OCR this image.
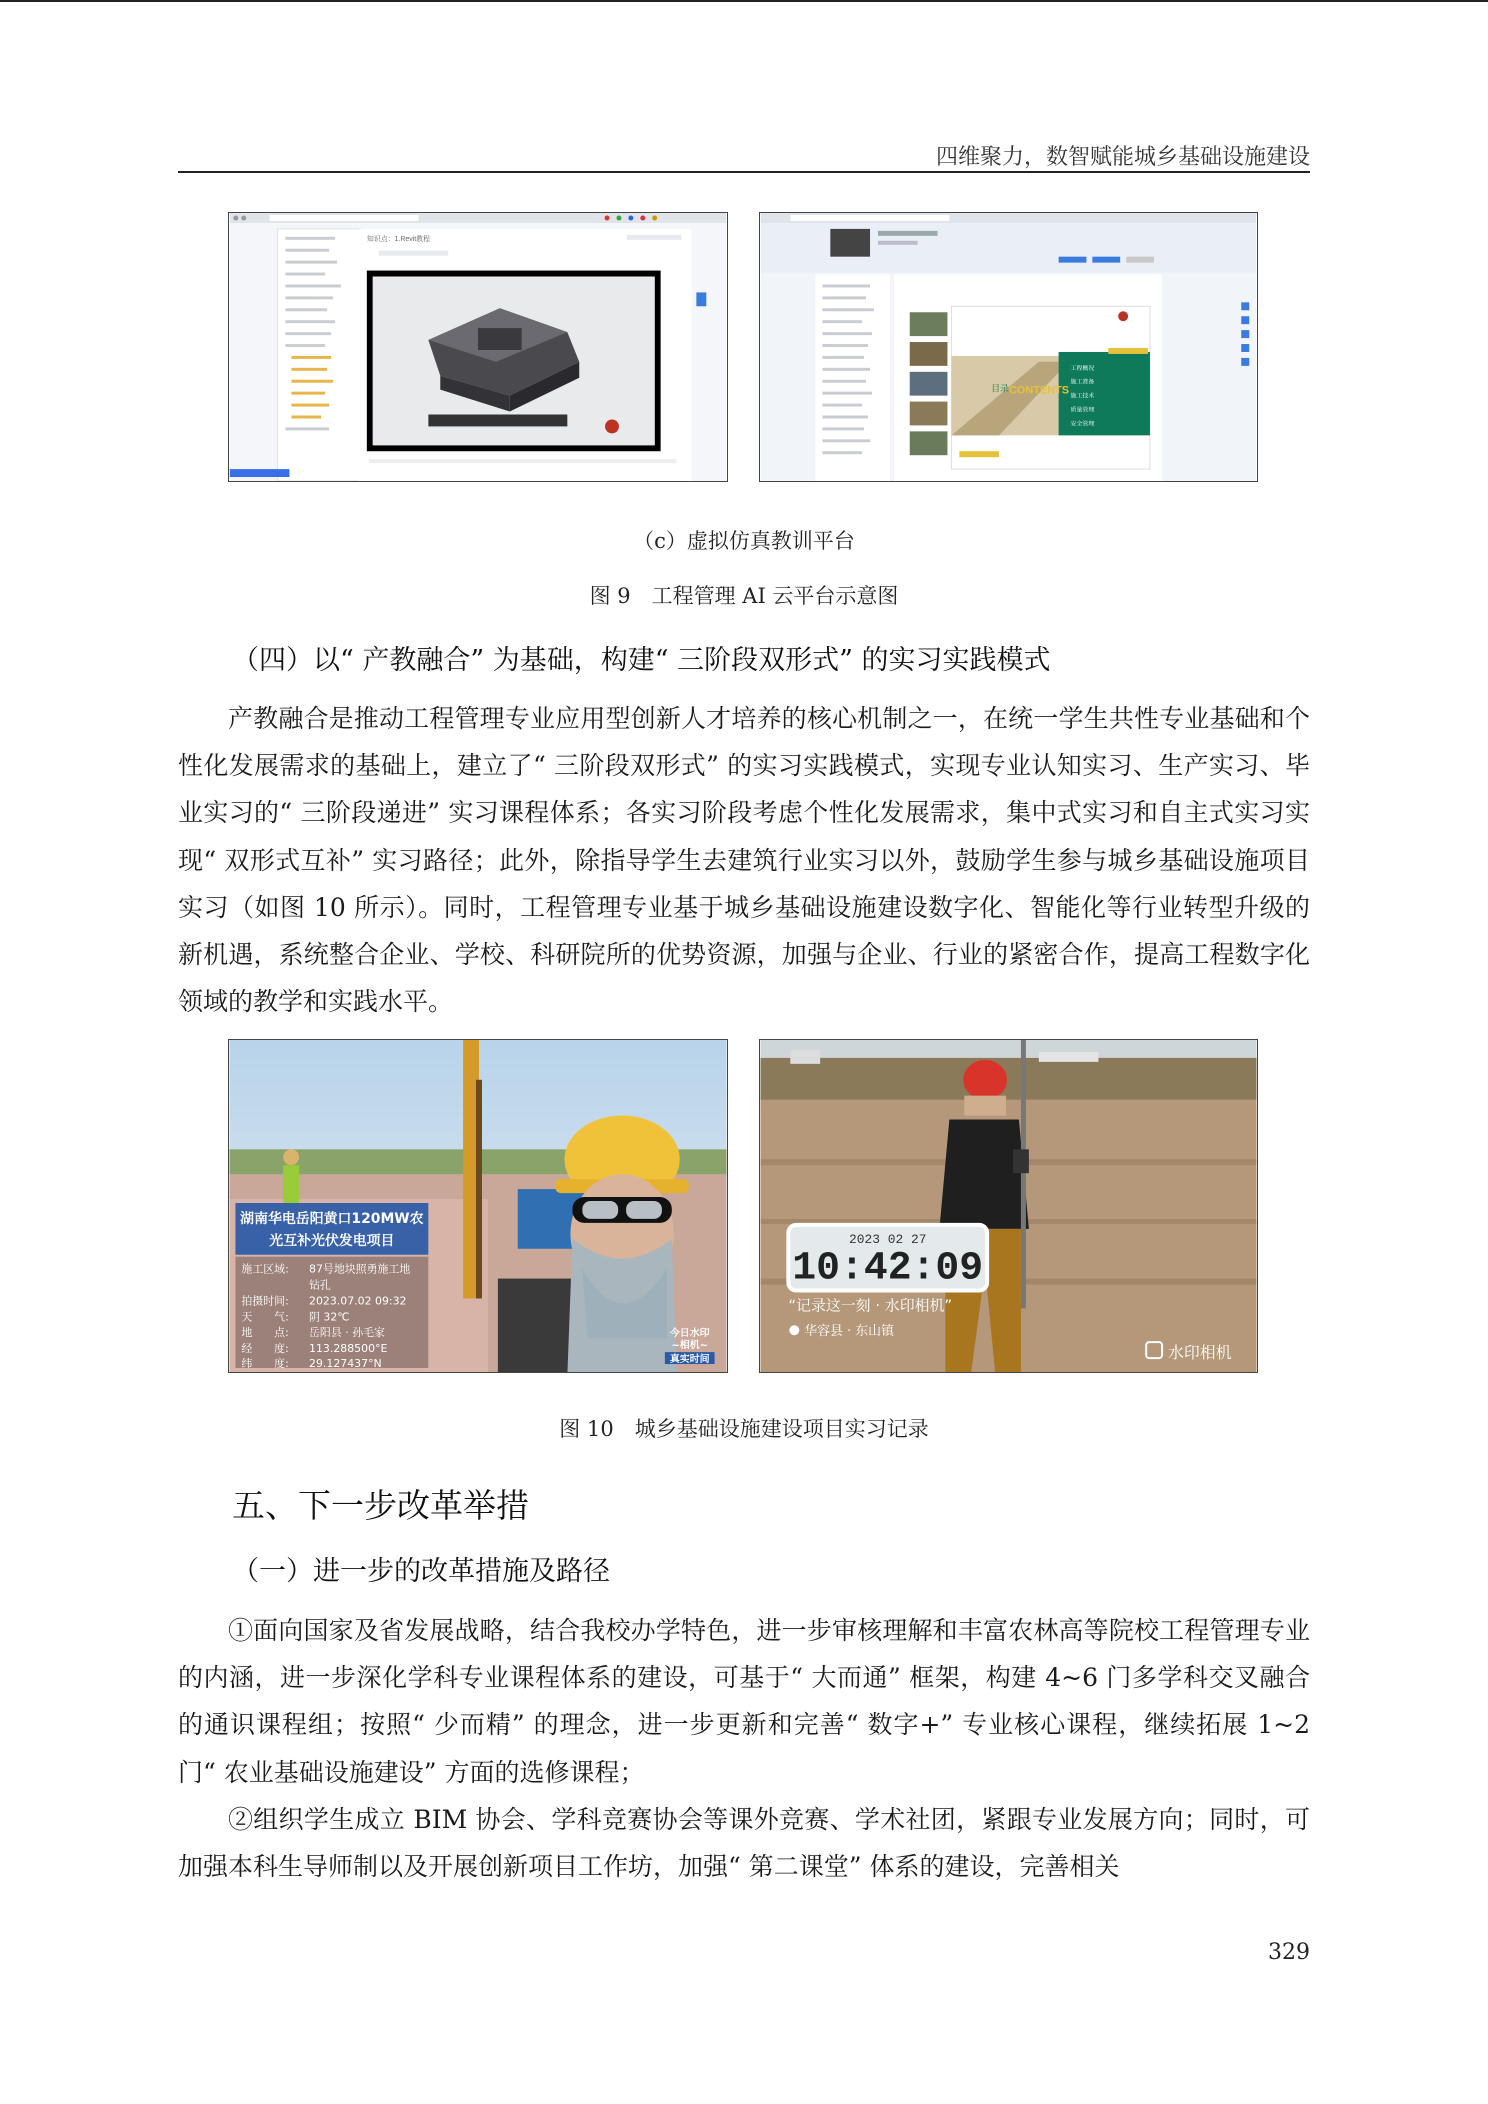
四维聚力，数智赋能城乡基础设施建设
知识点：1.Revit教程
目录 CONTENTS
工程概况
施工准备
施工技术
质量管理
安全管理
（c）虚拟仿真教训平台
图 9　工程管理 AI 云平台示意图
（四）以“ 产教融合” 为基础，构建“ 三阶段双形式” 的实习实践模式

产教融合是推动工程管理专业应用型创新人才培养的核心机制之一，在统一学生共性专业基础和个性化发展需求的基础上，建立了“ 三阶段双形式” 的实习实践模式，实现专业认知实习、生产实习、毕业实习的“ 三阶段递进” 实习课程体系；各实习阶段考虑个性化发展需求，集中式实习和自主式实习实现“ 双形式互补” 实习路径；此外，除指导学生去建筑行业实习以外，鼓励学生参与城乡基础设施项目实习（如图 10 所示）。同时，工程管理专业基于城乡基础设施建设数字化、智能化等行业转型升级的新机遇，系统整合企业、学校、科研院所的优势资源，加强与企业、行业的紧密合作，提高工程数字化领域的教学和实践水平。

湖南华电岳阳黄口120MW农
光互补光伏发电项目
施工区域: 87号地块照勇施工地
钻孔
拍摄时间: 2023.07.02 09:32
天　　气: 阴 32℃
地　　点: 岳阳县 · 孙毛家
经　　度: 113.288500°E
纬　　度: 29.127437°N
今日水印
~相机~
真实时间
2023 02 27
10:42:09
“记录这一刻 · 水印相机”
华容县 · 东山镇
水印相机
图 10　城乡基础设施建设项目实习记录
五、下一步改革举措
（一）进一步的改革措施及路径

①面向国家及省发展战略，结合我校办学特色，进一步审核理解和丰富农林高等院校工程管理专业的内涵，进一步深化学科专业课程体系的建设，可基于“ 大而通” 框架，构建 4~6 门多学科交叉融合的通识课程组；按照“ 少而精” 的理念，进一步更新和完善“ 数字+” 专业核心课程，继续拓展 1~2 门“ 农业基础设施建设” 方面的选修课程；

②组织学生成立 BIM 协会、学科竞赛协会等课外竞赛、学术社团，紧跟专业发展方向；同时，可加强本科生导师制以及开展创新项目工作坊，加强“ 第二课堂” 体系的建设，完善相关

329
